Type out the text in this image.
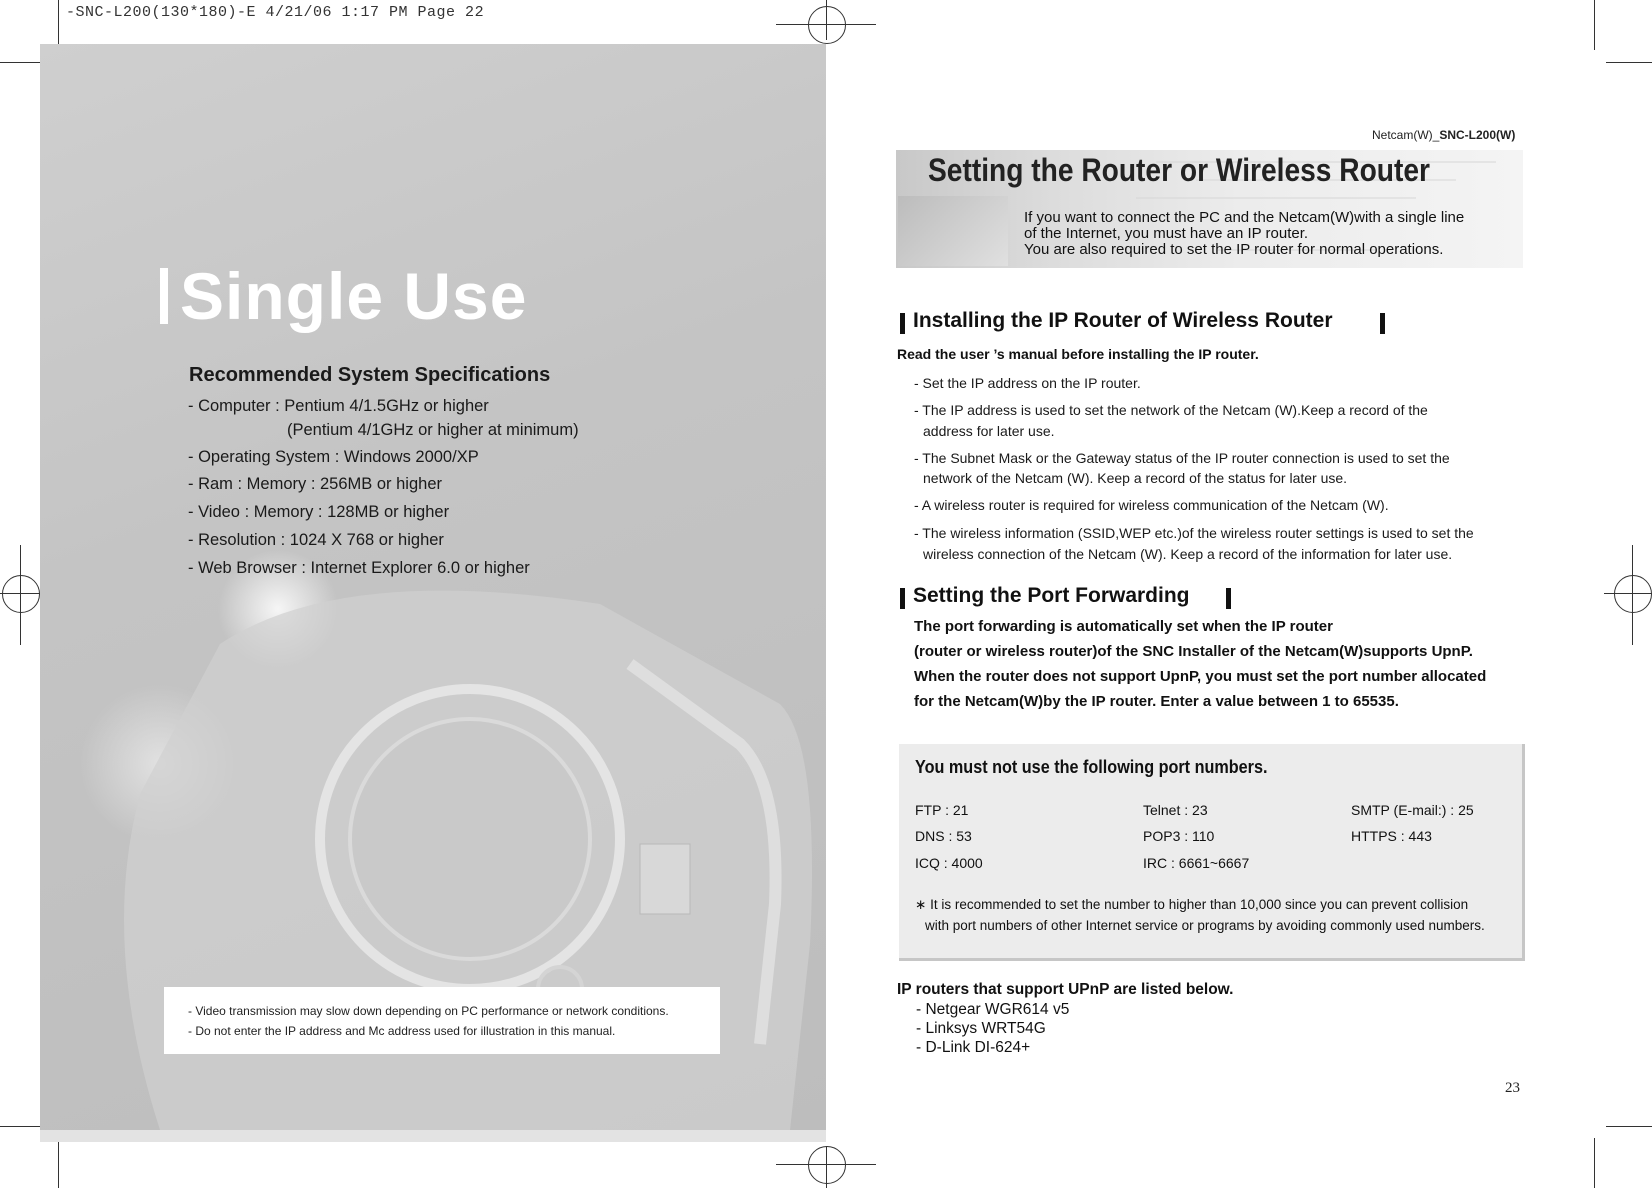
-SNC-L200(130*180)-E 4/21/06 1:17 PM Page 22
Single Use
Recommended System Specifications
- Computer : Pentium 4/1.5GHz or higher
(Pentium 4/1GHz or higher at minimum)
- Operating System : Windows 2000/XP
- Ram : Memory : 256MB or higher
- Video : Memory : 128MB or higher
- Resolution : 1024 X 768 or higher
- Web Browser : Internet Explorer 6.0 or higher
- Video transmission may slow down depending on PC performance or network conditions.
- Do not enter the IP address and Mc address used for illustration in this manual.
Netcam(W)_SNC-L200(W)
Setting the Router or Wireless Router
If you want to connect the PC and the Netcam(W)with a single line
of the Internet, you must have an IP router.
You are also required to set the IP router for normal operations.
Installing the IP Router of Wireless Router
Read the user ’s manual before installing the IP router.
- Set the IP address on the IP router.
- The IP address is used to set the network of the Netcam (W).Keep a record of the
address for later use.
- The Subnet Mask or the Gateway status of the IP router connection is used to set the
network of the Netcam (W). Keep a record of the status for later use.
- A wireless router is required for wireless communication of the Netcam (W).
- The wireless information (SSID,WEP etc.)of the wireless router settings is used to set the
wireless connection of the Netcam (W). Keep a record of the information for later use.
Setting the Port Forwarding
The port forwarding is automatically set when the IP router
(router or wireless router)of the SNC Installer of the Netcam(W)supports UpnP.
When the router does not support UpnP, you must set the port number allocated
for the Netcam(W)by the IP router. Enter a value between 1 to 65535.
You must not use the following port numbers.
FTP : 21	Telnet : 23	SMTP (E-mail:) : 25
DNS : 53	POP3 : 110	HTTPS : 443
ICQ : 4000	IRC : 6661~6667
∗ It is recommended to set the number to higher than 10,000 since you can prevent collision
with port numbers of other Internet service or programs by avoiding commonly used numbers.
IP routers that support UPnP are listed below.
- Netgear WGR614 v5
- Linksys WRT54G
- D-Link DI-624+
23
